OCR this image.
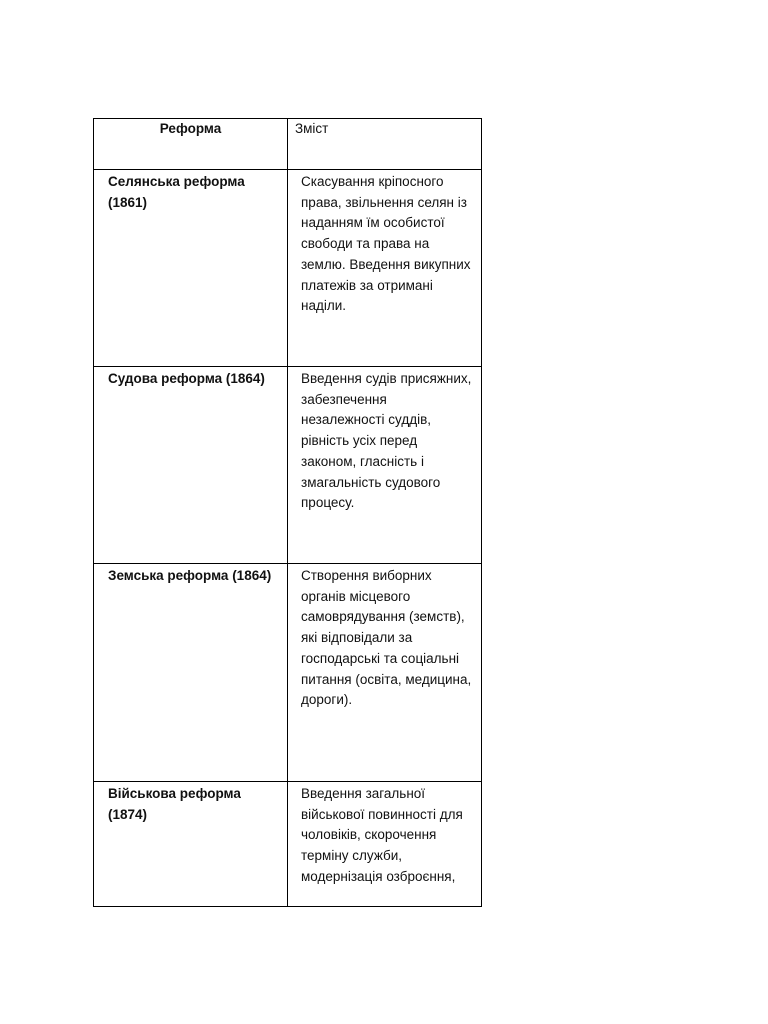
Реформа	Зміст

Селянська реформа (1861)	Скасування кріпосного права, звільнення селян із наданням їм особистої свободи та права на землю. Введення викупних платежів за отримані наділи.

Судова реформа (1864)	Введення судів присяжних, забезпечення незалежності суддів, рівність усіх перед законом, гласність і змагальність судового процесу.

Земська реформа (1864)	Створення виборних органів місцевого самоврядування (земств), які відповідали за господарські та соціальні питання (освіта, медицина, дороги).

Військова реформа (1874)	Введення загальної військової повинності для чоловіків, скорочення терміну служби, модернізація озброєння,
